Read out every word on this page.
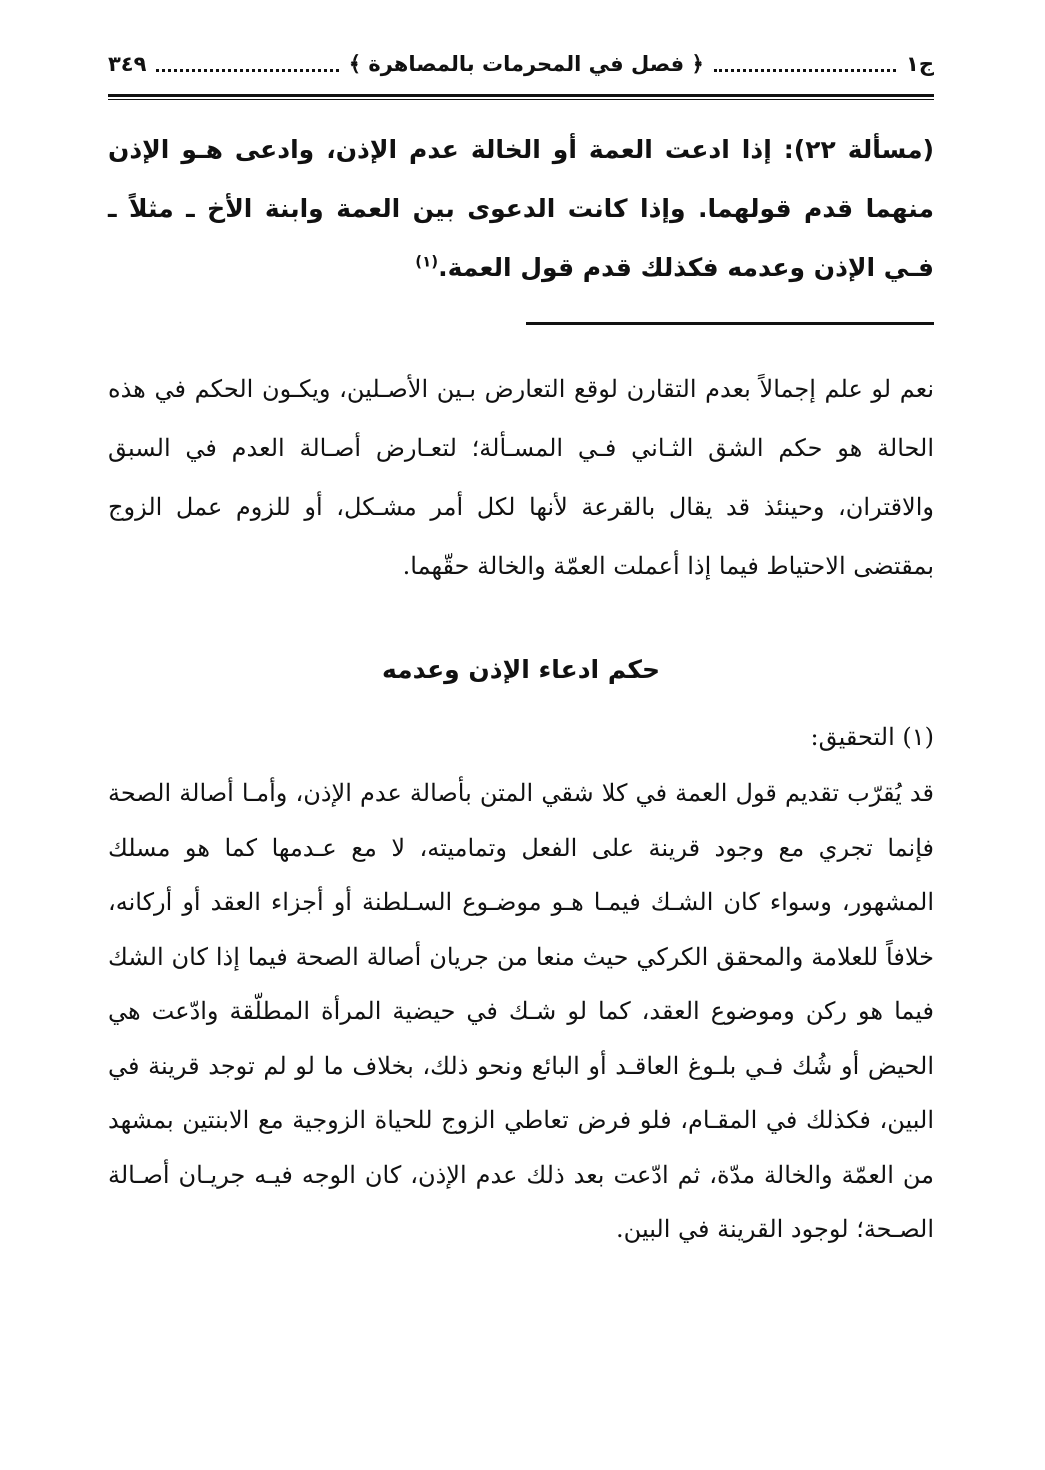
ج١
﴿ فصل في المحرمات بالمصاهرة ﴾
٣٤٩
(مسألة ٢٢): إذا ادعت العمة أو الخالة عدم الإذن، وادعى هـو الإذن منهما قدم قولهما. وإذا كانت الدعوى بين العمة وابنة الأخ ـ مثلاً ـ فـي الإذن وعدمه فكذلك قدم قول العمة.$^{(١)}$
نعم لو علم إجمالاً بعدم التقارن لوقع التعارض بـين الأصـلين، ويكـون الحكم في هذه الحالة هو حكم الشق الثـاني فـي المسـألة؛ لتعـارض أصـالة العدم في السبق والاقتران، وحينئذ قد يقال بالقرعة لأنها لكل أمر مشـكل، أو للزوم عمل الزوج بمقتضى الاحتياط فيما إذا أعملت العمّة والخالة حقّهما.
حكم ادعاء الإذن وعدمه
(١) التحقيق:
قد يُقرّب تقديم قول العمة في كلا شقي المتن بأصالة عدم الإذن، وأمـا أصالة الصحة فإنما تجري مع وجود قرينة على الفعل وتماميته، لا مع عـدمها كما هو مسلك المشهور، وسواء كان الشـك فيمـا هـو موضـوع السـلطنة أو أجزاء العقد أو أركانه، خلافاً للعلامة والمحقق الكركي حيث منعا من جريان أصالة الصحة فيما إذا كان الشك فيما هو ركن وموضوع العقد، كما لو شـك في حيضية المرأة المطلّقة وادّعت هي الحيض أو شُك فـي بلـوغ العاقـد أو البائع ونحو ذلك، بخلاف ما لو لم توجد قرينة في البين، فكذلك في المقـام، فلو فرض تعاطي الزوج للحياة الزوجية مع الابنتين بمشهد من العمّة والخالة مدّة، ثم ادّعت بعد ذلك عدم الإذن، كان الوجه فيـه جريـان أصـالة الصـحة؛ لوجود القرينة في البين.
